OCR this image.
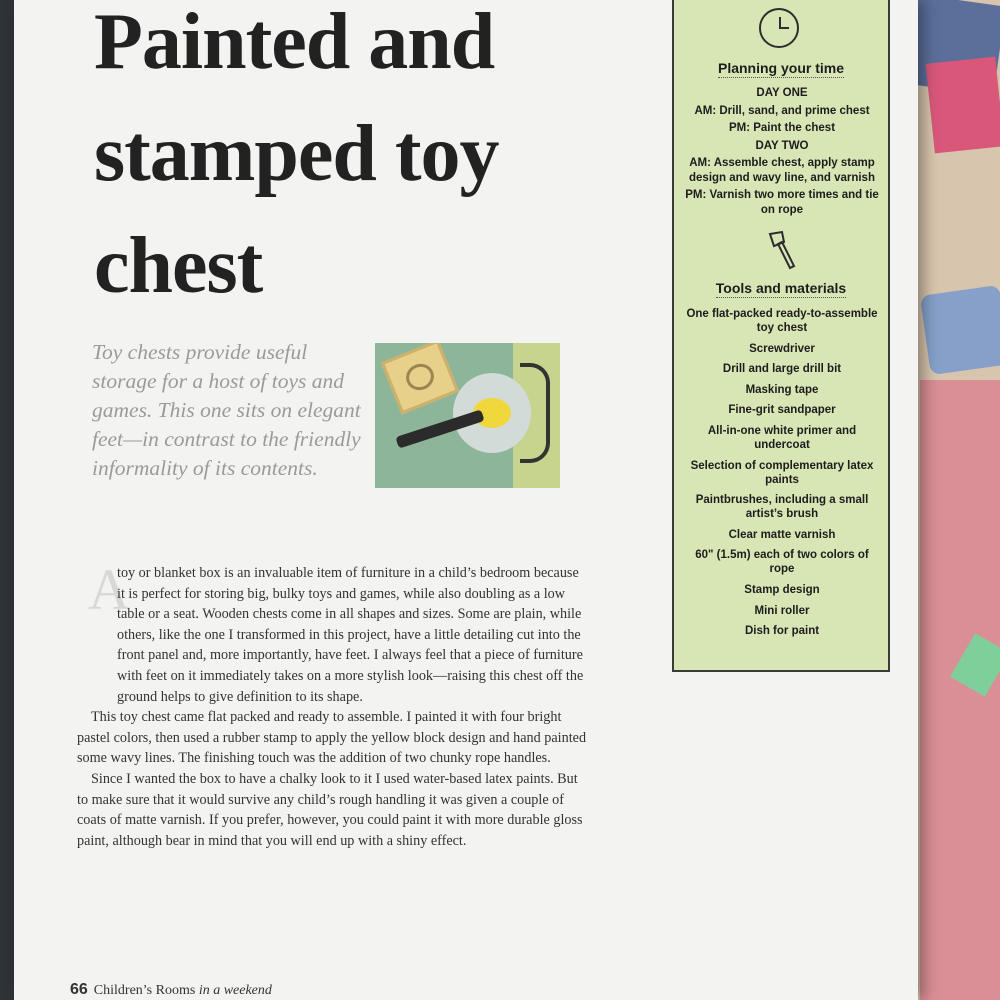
Painted and stamped toy chest

Toy chests provide useful storage for a host of toys and games. This one sits on elegant feet—in contrast to the friendly informality of its contents.

A

toy or blanket box is an invaluable item of furniture in a child’s bedroom because it is perfect for storing big, bulky toys and games, while also doubling as a low table or a seat. Wooden chests come in all shapes and sizes. Some are plain, while others, like the one I transformed in this project, have a little detailing cut into the front panel and, more importantly, have feet. I always feel that a piece of furniture with feet on it immediately takes on a more stylish look—raising this chest off the ground helps to give definition to its shape.

This toy chest came flat packed and ready to assemble. I painted it with four bright pastel colors, then used a rubber stamp to apply the yellow block design and hand painted some wavy lines. The finishing touch was the addition of two chunky rope handles.

Since I wanted the box to have a chalky look to it I used water-based latex paints. But to make sure that it would survive any child’s rough handling it was given a couple of coats of matte varnish. If you prefer, however, you could paint it with more durable gloss paint, although bear in mind that you will end up with a shiny effect.

66 Children’s Rooms in a weekend
Planning your time
DAY ONE
AM: Drill, sand, and prime chest
PM: Paint the chest
DAY TWO
AM: Assemble chest, apply stamp design and wavy line, and varnish
PM: Varnish two more times and tie on rope
Tools and materials
One flat-packed ready-to-assemble toy chest
Screwdriver
Drill and large drill bit
Masking tape
Fine-grit sandpaper
All-in-one white primer and undercoat
Selection of complementary latex paints
Paintbrushes, including a small artist’s brush
Clear matte varnish
60" (1.5m) each of two colors of rope
Stamp design
Mini roller
Dish for paint
